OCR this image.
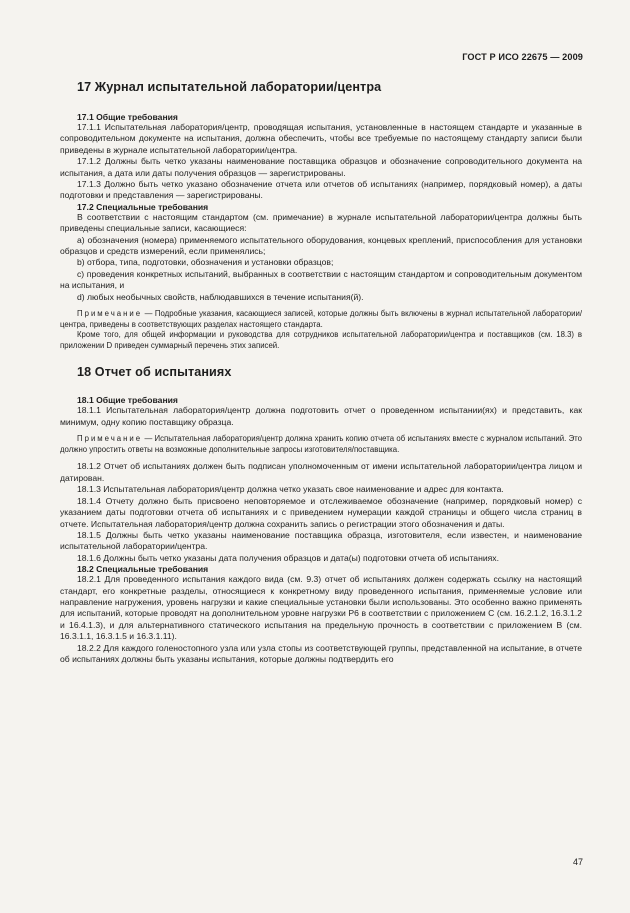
ГОСТ Р ИСО 22675 — 2009
17 Журнал испытательной лаборатории/центра
17.1 Общие требования

17.1.1 Испытательная лаборатория/центр, проводящая испытания, установленные в настоящем стандарте и указанные в сопроводительном документе на испытания, должна обеспечить, чтобы все требуемые по настоящему стандарту записи были приведены в журнале испытательной лаборатории/центра.

17.1.2 Должны быть четко указаны наименование поставщика образцов и обозначение сопроводительного документа на испытания, а дата или даты получения образцов — зарегистрированы.

17.1.3 Должно быть четко указано обозначение отчета или отчетов об испытаниях (например, порядковый номер), а даты подготовки и представления — зарегистрированы.

17.2 Специальные требования

В соответствии с настоящим стандартом (см. примечание) в журнале испытательной лаборатории/центра должны быть приведены специальные записи, касающиеся:

a) обозначения (номера) применяемого испытательного оборудования, концевых креплений, приспособления для установки образцов и средств измерений, если применялись;

b) отбора, типа, подготовки, обозначения и установки образцов;

c) проведения конкретных испытаний, выбранных в соответствии с настоящим стандартом и сопроводительным документом на испытания, и

d) любых необычных свойств, наблюдавшихся в течение испытания(й).

Примечание — Подробные указания, касающиеся записей, которые должны быть включены в журнал испытательной лаборатории/центра, приведены в соответствующих разделах настоящего стандарта.

Кроме того, для общей информации и руководства для сотрудников испытательной лаборатории/центра и поставщиков (см. 18.3) в приложении D приведен суммарный перечень этих записей.

18 Отчет об испытаниях
18.1 Общие требования

18.1.1 Испытательная лаборатория/центр должна подготовить отчет о проведенном испытании(ях) и представить, как минимум, одну копию поставщику образца.

Примечание — Испытательная лаборатория/центр должна хранить копию отчета об испытаниях вместе с журналом испытаний. Это должно упростить ответы на возможные дополнительные запросы изготовителя/поставщика.

18.1.2 Отчет об испытаниях должен быть подписан уполномоченным от имени испытательной лаборатории/центра лицом и датирован.

18.1.3 Испытательная лаборатория/центр должна четко указать свое наименование и адрес для контакта.

18.1.4 Отчету должно быть присвоено неповторяемое и отслеживаемое обозначение (например, порядковый номер) с указанием даты подготовки отчета об испытаниях и с приведением нумерации каждой страницы и общего числа страниц в отчете. Испытательная лаборатория/центр должна сохранить запись о регистрации этого обозначения и даты.

18.1.5 Должны быть четко указаны наименование поставщика образца, изготовителя, если известен, и наименование испытательной лаборатории/центра.

18.1.6 Должны быть четко указаны дата получения образцов и дата(ы) подготовки отчета об испытаниях.

18.2 Специальные требования

18.2.1 Для проведенного испытания каждого вида (см. 9.3) отчет об испытаниях должен содержать ссылку на настоящий стандарт, его конкретные разделы, относящиеся к конкретному виду проведенного испытания, применяемые условие или направление нагружения, уровень нагрузки и какие специальные установки были использованы. Это особенно важно применять для испытаний, которые проводят на дополнительном уровне нагрузки P6 в соответствии с приложением C (см. 16.2.1.2, 16.3.1.2 и 16.4.1.3), и для альтернативного статического испытания на предельную прочность в соответствии с приложением B (см. 16.3.1.1, 16.3.1.5 и 16.3.1.11).

18.2.2 Для каждого голеностопного узла или узла стопы из соответствующей группы, представленной на испытание, в отчете об испытаниях должны быть указаны испытания, которые должны подтвердить его

47
